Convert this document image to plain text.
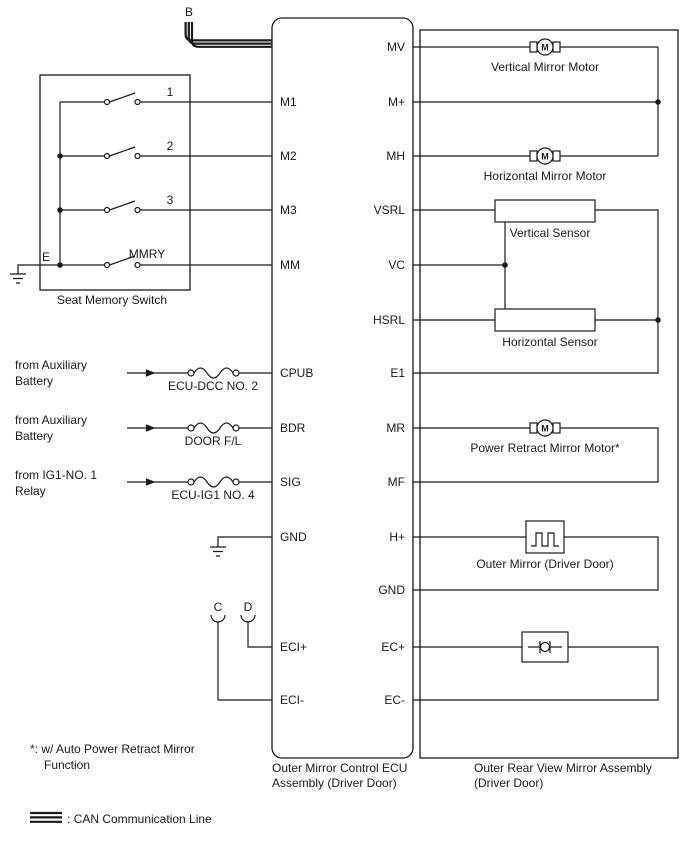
B
E
1
2
3
MMRY
Seat Memory Switch
from Auxiliary
Battery	ECU-DCC NO. 2
from Auxiliary
Battery	DOOR F/L
from IG1-NO. 1
Relay	ECU-IG1 NO. 4
C D
M
Vertical Mirror Motor
M
Horizontal Mirror Motor
Vertical Sensor
Horizontal Sensor
M
Power Retract Mirror Motor*
Outer Mirror (Driver Door)
M1
M2
M3
MM
CPUB
BDR
SIG
GND
ECI+
ECI-
MV
M+
MH
VSRL
VC
HSRL
E1
MR
MF
H+
GND
EC+
EC-
Outer Mirror Control ECU
Assembly (Driver Door)
Outer Rear View Mirror Assembly
(Driver Door)
*: w/ Auto Power Retract Mirror
Function
: CAN Communication Line
